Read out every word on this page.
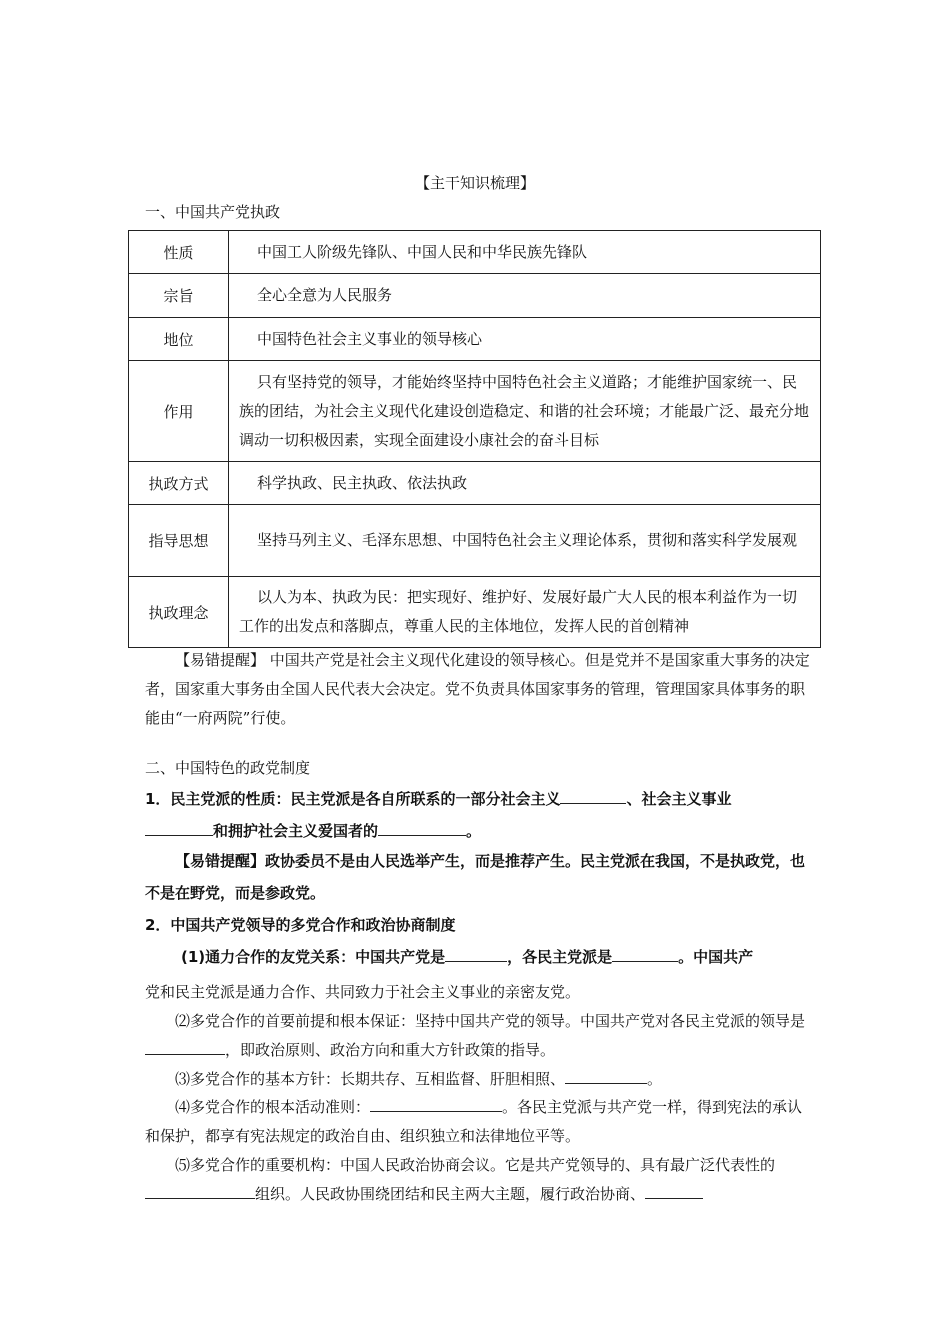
【主干知识梳理】
一、中国共产党执政
性质	中国工人阶级先锋队、中国人民和中华民族先锋队
宗旨	全心全意为人民服务
地位	中国特色社会主义事业的领导核心
作用	只有坚持党的领导，才能始终坚持中国特色社会主义道路；才能维护国家统一、民族的团结，为社会主义现代化建设创造稳定、和谐的社会环境；才能最广泛、最充分地调动一切积极因素，实现全面建设小康社会的奋斗目标
执政方式	科学执政、民主执政、依法执政
指导思想	坚持马列主义、毛泽东思想、中国特色社会主义理论体系，贯彻和落实科学发展观
执政理念	以人为本、执政为民：把实现好、维护好、发展好最广大人民的根本利益作为一切工作的出发点和落脚点，尊重人民的主体地位，发挥人民的首创精神
【易错提醒】 中国共产党是社会主义现代化建设的领导核心。但是党并不是国家重大事务的决定者，国家重大事务由全国人民代表大会决定。党不负责具体国家事务的管理，管理国家具体事务的职能由“一府两院”行使。
二、中国特色的政党制度
1．民主党派的性质：民主党派是各自所联系的一部分社会主义	、社会主义事业
和拥护社会主义爱国者的	。
【易错提醒】政协委员不是由人民选举产生，而是推荐产生。民主党派在我国，不是执政党，也不是在野党，而是参政党。
2．中国共产党领导的多党合作和政治协商制度
(1)通力合作的友党关系：中国共产党是	，各民主党派是	。中国共产
党和民主党派是通力合作、共同致力于社会主义事业的亲密友党。
⑵多党合作的首要前提和根本保证：坚持中国共产党的领导。中国共产党对各民主党派的领导是，即政治原则、政治方向和重大方针政策的指导。
⑶多党合作的基本方针：长期共存、互相监督、肝胆相照、	。
⑷多党合作的根本活动准则：	。各民主党派与共产党一样，得到宪法的承认和保护，都享有宪法规定的政治自由、组织独立和法律地位平等。
⑸多党合作的重要机构：中国人民政治协商会议。它是共产党领导的、具有最广泛代表性的组织。人民政协围绕团结和民主两大主题，履行政治协商、
